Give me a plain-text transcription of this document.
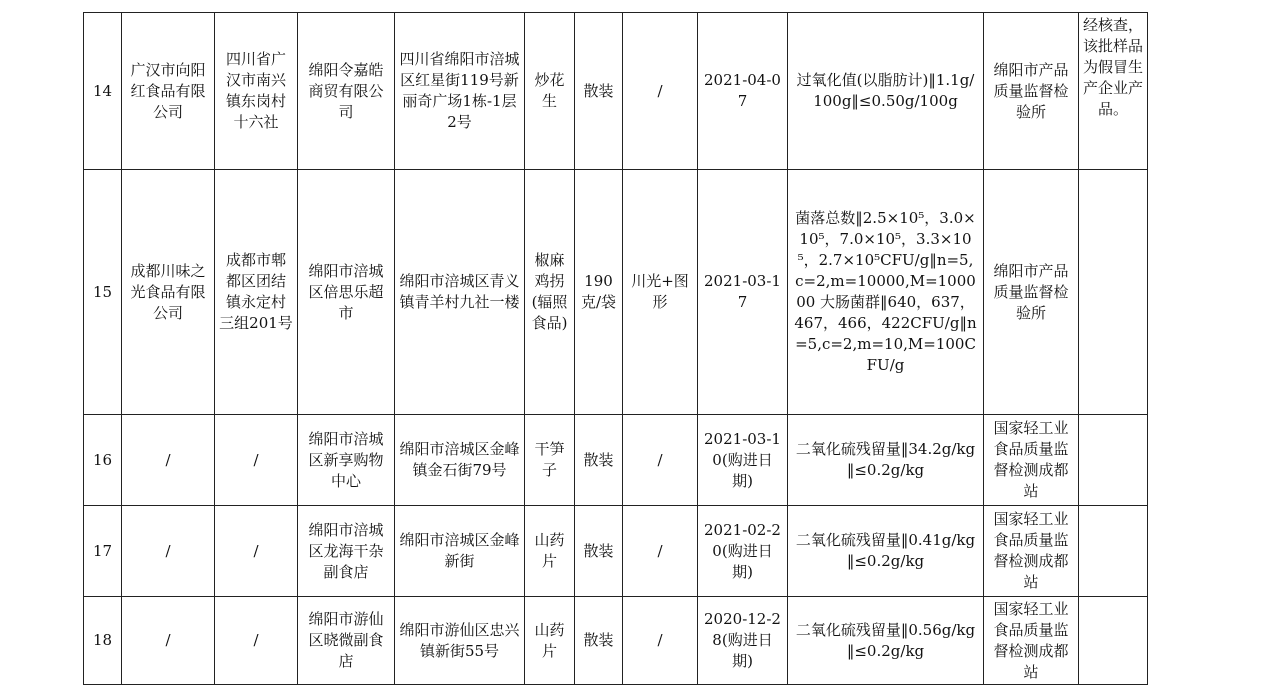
14	广汉市向阳红食品有限公司	四川省广汉市南兴镇东岗村十六社	绵阳令嘉皓商贸有限公司	四川省绵阳市涪城区红星街119号新丽奇广场1栋-1层2号	炒花生	散装	/	2021-04-07	过氧化值(以脂肪计)‖1.1g/100g‖≤0.50g/100g	绵阳市产品质量监督检验所	经核查，该批样品为假冒生产企业产品。

15	成都川味之光食品有限公司	成都市郫都区团结镇永定村三组201号	绵阳市涪城区倍思乐超市	绵阳市涪城区青义镇青羊村九社一楼	椒麻鸡拐(辐照食品)	190克/袋	川光+图形	2021-03-17	菌落总数‖2.5×10⁵，3.0×10⁵，7.0×10⁵，3.3×10⁵，2.7×10⁵CFU/g‖n=5,c=2,m=10000,M=100000 大肠菌群‖640，637，467，466，422CFU/g‖n=5,c=2,m=10,M=100CFU/g	绵阳市产品质量监督检验所	

16	/	/	绵阳市涪城区新享购物中心	绵阳市涪城区金峰镇金石街79号	干笋子	散装	/	2021-03-10(购进日期)	二氧化硫残留量‖34.2g/kg ‖≤0.2g/kg	国家轻工业食品质量监督检测成都站	

17	/	/	绵阳市涪城区龙海干杂副食店	绵阳市涪城区金峰新街	山药片	散装	/	2021-02-20(购进日期)	二氧化硫残留量‖0.41g/kg‖≤0.2g/kg	国家轻工业食品质量监督检测成都站	

18	/	/	绵阳市游仙区晓微副食店	绵阳市游仙区忠兴镇新街55号	山药片	散装	/	2020-12-28(购进日期)	二氧化硫残留量‖0.56g/kg‖≤0.2g/kg	国家轻工业食品质量监督检测成都站	
